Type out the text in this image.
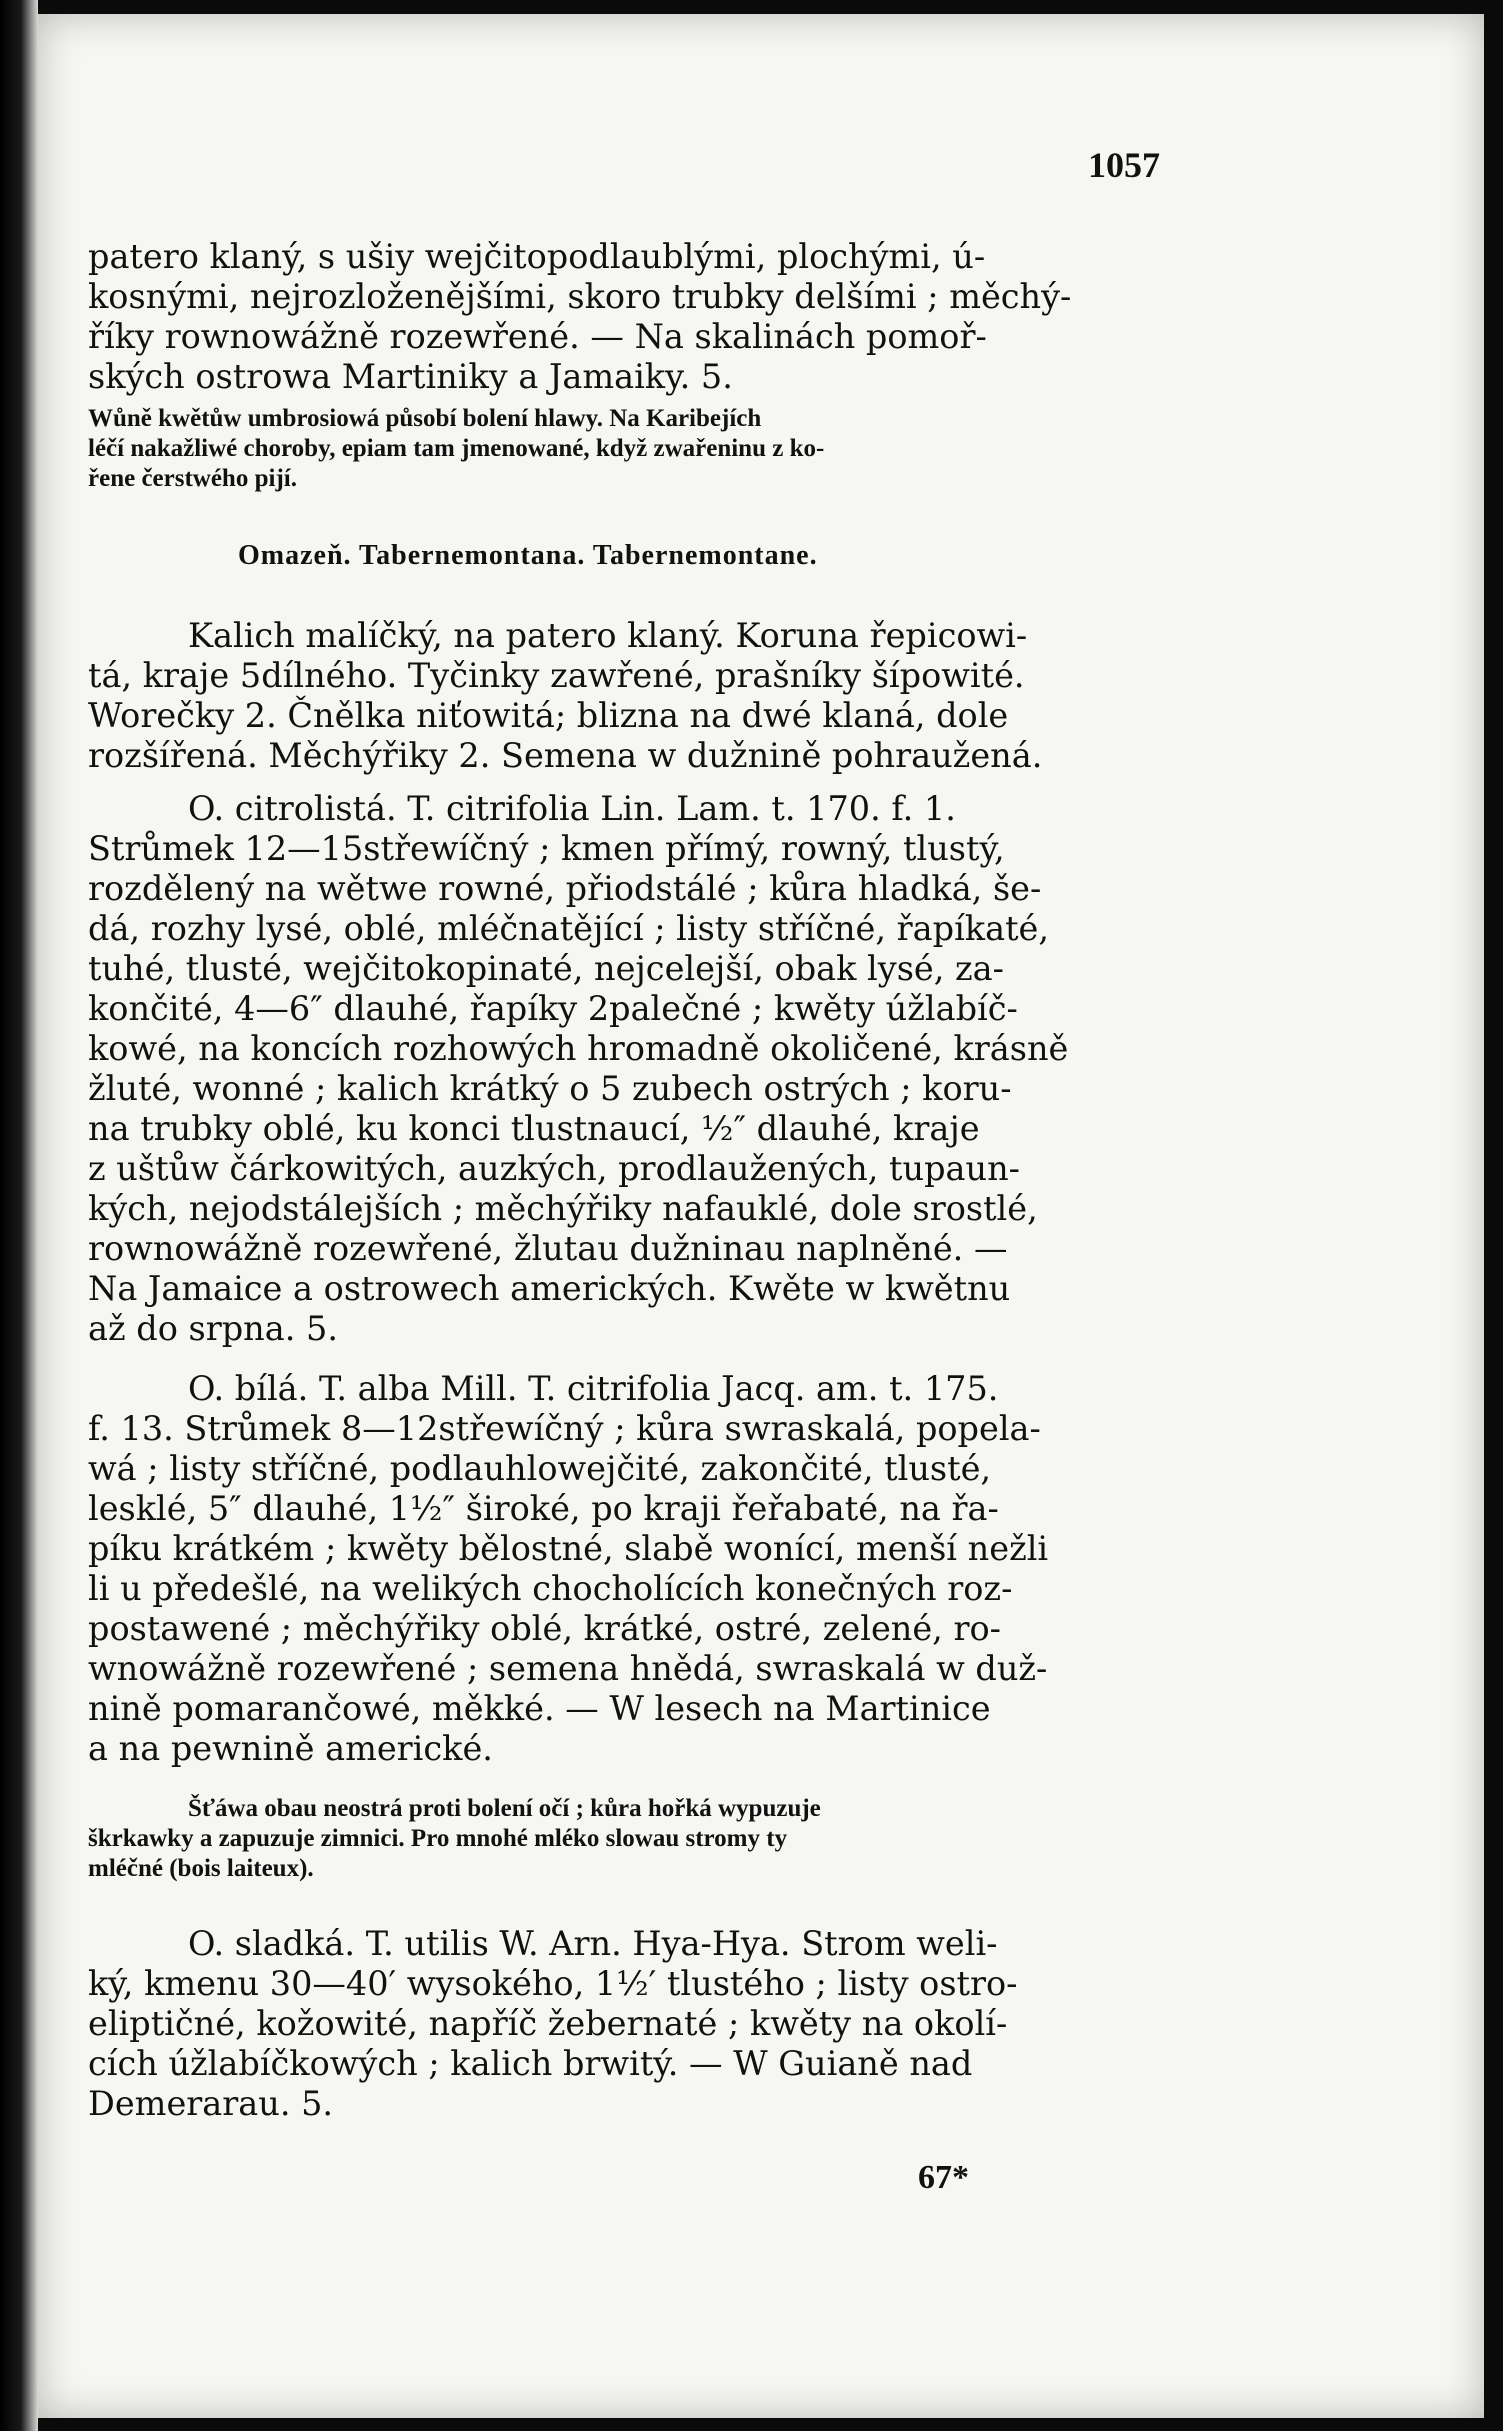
1057
patero klaný, s ušiy wejčitopodlaublými, plochými, ú-
kosnými, nejrozloženějšími, skoro trubky delšími ; měchý-
říky rownowážně rozewřené. — Na skalinách pomoř-
ských ostrowa Martiniky a Jamaiky. 5.
Wůně kwětůw umbrosiowá působí bolení hlawy. Na Karibejích
léčí nakažliwé choroby, epiam tam jmenowané, když zwařeninu z ko-
řene čerstwého pijí.
Omazeň. Tabernemontana. Tabernemontane.
Kalich malíčký, na patero klaný. Koruna řepicowi-
tá, kraje 5dílného. Tyčinky zawřené, prašníky šípowité.
Worečky 2. Čnělka niťowitá; blizna na dwé klaná, dole
rozšířená. Měchýřiky 2. Semena w dužnině pohraužená.
O. citrolistá. T. citrifolia Lin. Lam. t. 170. f. 1.
Strůmek 12—15střewíčný ; kmen přímý, rowný, tlustý,
rozdělený na wětwe rowné, přiodstálé ; kůra hladká, še-
dá, rozhy lysé, oblé, mléčnatějící ; listy stříčné, řapíkaté,
tuhé, tlusté, wejčitokopinaté, nejcelejší, obak lysé, za-
končité, 4—6″ dlauhé, řapíky 2palečné ; kwěty úžlabíč-
kowé, na koncích rozhowých hromadně okoličené, krásně
žluté, wonné ; kalich krátký o 5 zubech ostrých ; koru-
na trubky oblé, ku konci tlustnaucí, ½″ dlauhé, kraje
z uštůw čárkowitých, auzkých, prodlaužených, tupaun-
kých, nejodstálejších ; měchýřiky nafauklé, dole srostlé,
rownowážně rozewřené, žlutau dužninau naplněné. —
Na Jamaice a ostrowech amerických. Kwěte w kwětnu
až do srpna. 5.
O. bílá. T. alba Mill. T. citrifolia Jacq. am. t. 175.
f. 13. Strůmek 8—12střewíčný ; kůra swraskalá, popela-
wá ; listy stříčné, podlauhlowejčité, zakončité, tlusté,
lesklé, 5″ dlauhé, 1½″ široké, po kraji řeřabaté, na řa-
píku krátkém ; kwěty bělostné, slabě wonící, menší nežli
li u předešlé, na welikých chocholících konečných roz-
postawené ; měchýřiky oblé, krátké, ostré, zelené, ro-
wnowážně rozewřené ; semena hnědá, swraskalá w duž-
nině pomarančowé, měkké. — W lesech na Martinice
a na pewnině americké.
Šťáwa obau neostrá proti bolení očí ; kůra hořká wypuzuje
škrkawky a zapuzuje zimnici. Pro mnohé mléko slowau stromy ty
mléčné (bois laiteux).
O. sladká. T. utilis W. Arn. Hya-Hya. Strom weli-
ký, kmenu 30—40′ wysokého, 1½′ tlustého ; listy ostro-
eliptičné, kožowité, napříč žebernaté ; kwěty na okolí-
cích úžlabíčkowých ; kalich brwitý. — W Guianě nad
Demerarau. 5.
67*
